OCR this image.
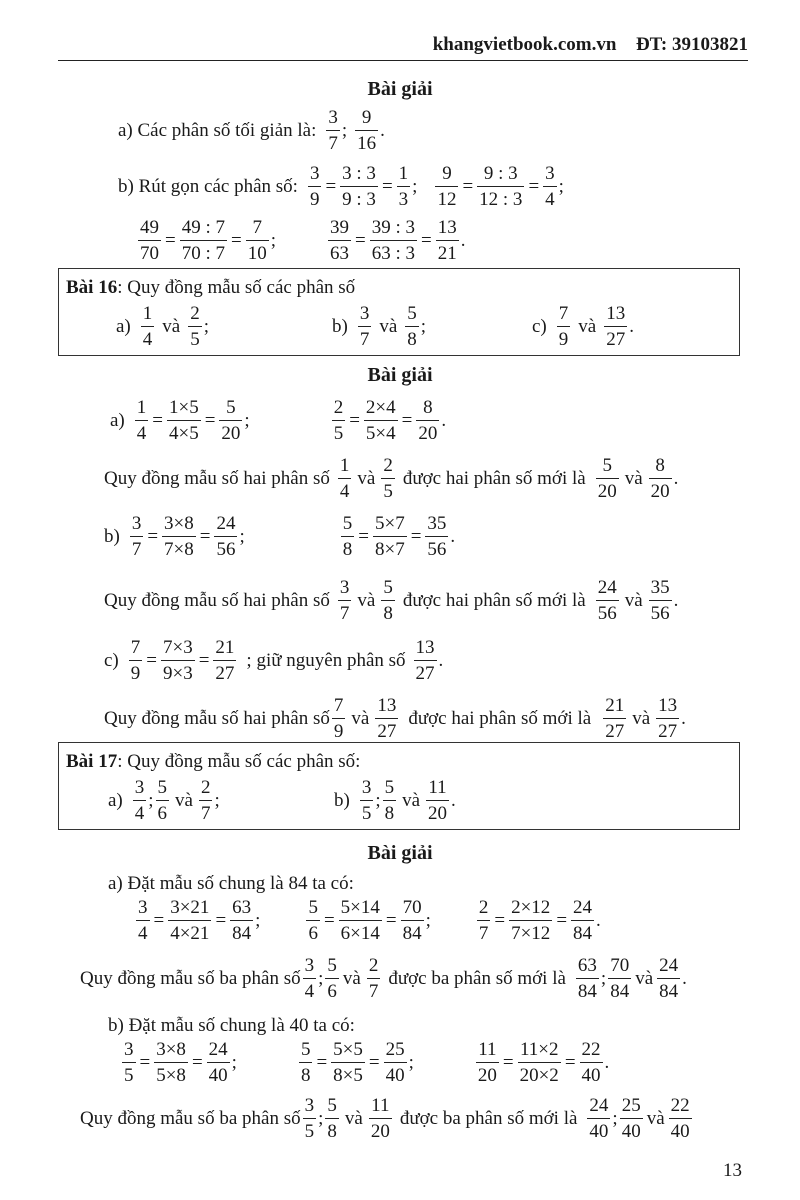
khangvietbook.com.vn ĐT: 39103821
Bài giải
a) Các phân số tối giản là: $\frac{3}{7}$ ; $\frac{9}{16}$ .
b) Rút gọn các phân số: $\frac{3}{9} = \frac{3 : 3}{9 : 3} = \frac{1}{3}$ ; $\frac{9}{12} = \frac{9 : 3}{12 : 3} = \frac{3}{4}$ ;
$\frac{49}{70} = \frac{49 : 7}{70 : 7} = \frac{7}{10}$ ;	$\frac{39}{63} = \frac{39 : 3}{63 : 3} = \frac{13}{21}$ .
Bài 16 : Quy đồng mẫu số các phân số
$a) \frac{1}{4}$ và $\frac{2}{5}$ ;	$b) \frac{3}{7}$ và $\frac{5}{8}$ ;	$c) \frac{7}{9}$ và $\frac{13}{27}$ .
Bài giải
$a) \frac{1}{4} = \frac{1\times 5}{4\times 5} = \frac{5}{20}$ ;	$\frac{2}{5} = \frac{2\times 4}{5\times 4} = \frac{8}{20}$ .
Quy đồng mẫu số hai phân số $\frac{1}{4}$ và $\frac{2}{5}$ được hai phân số mới là $\frac{5}{20}$ và $\frac{8}{20}$ .
$b) \frac{3}{7} = \frac{3\times 8}{7\times 8} = \frac{24}{56}$ ;	$\frac{5}{8} = \frac{5\times 7}{8\times 7} = \frac{35}{56}$ .
Quy đồng mẫu số hai phân số $\frac{3}{7}$ và $\frac{5}{8}$ được hai phân số mới là $\frac{24}{56}$ và $\frac{35}{56}$ .
$c) \frac{7}{9} = \frac{7\times 3}{9\times 3} = \frac{21}{27}$ ; giữ nguyên phân số $\frac{13}{27}$ .
Quy đồng mẫu số hai phân số $\frac{7}{9}$ và $\frac{13}{27}$ được hai phân số mới là $\frac{21}{27}$ và $\frac{13}{27}$ .
Bài 17 : Quy đồng mẫu số các phân số:
$a) \frac{3}{4}$ ; $\frac{5}{6}$ và $\frac{2}{7}$ ;	$b) \frac{3}{5}$ ; $\frac{5}{8}$ và $\frac{11}{20}$ .
Bài giải
a) Đặt mẫu số chung là 84 ta có:
$\frac{3}{4} = \frac{3\times 21}{4\times 21} = \frac{63}{84}$ ; $\frac{5}{6} = \frac{5\times 14}{6\times 14} = \frac{70}{84}$ ; $\frac{2}{7} = \frac{2\times 12}{7\times 12} = \frac{24}{84}$ .
Quy đồng mẫu số ba phân số $\frac{3}{4}$ ; $\frac{5}{6}$ và $\frac{2}{7}$ được ba phân số mới là $\frac{63}{84}$ ; $\frac{70}{84}$ và $\frac{24}{84}$ .
b) Đặt mẫu số chung là 40 ta có:
$\frac{3}{5} = \frac{3\times 8}{5\times 8} = \frac{24}{40}$ ;	$\frac{5}{8} = \frac{5\times 5}{8\times 5} = \frac{25}{40}$ ;	$\frac{11}{20} = \frac{11\times 2}{20\times 2} = \frac{22}{40}$ .
Quy đồng mẫu số ba phân số $\frac{3}{5}$ ; $\frac{5}{8}$ và $\frac{11}{20}$ được ba phân số mới là $\frac{24}{40}$ ; $\frac{25}{40}$ và $\frac{22}{40}$
13
